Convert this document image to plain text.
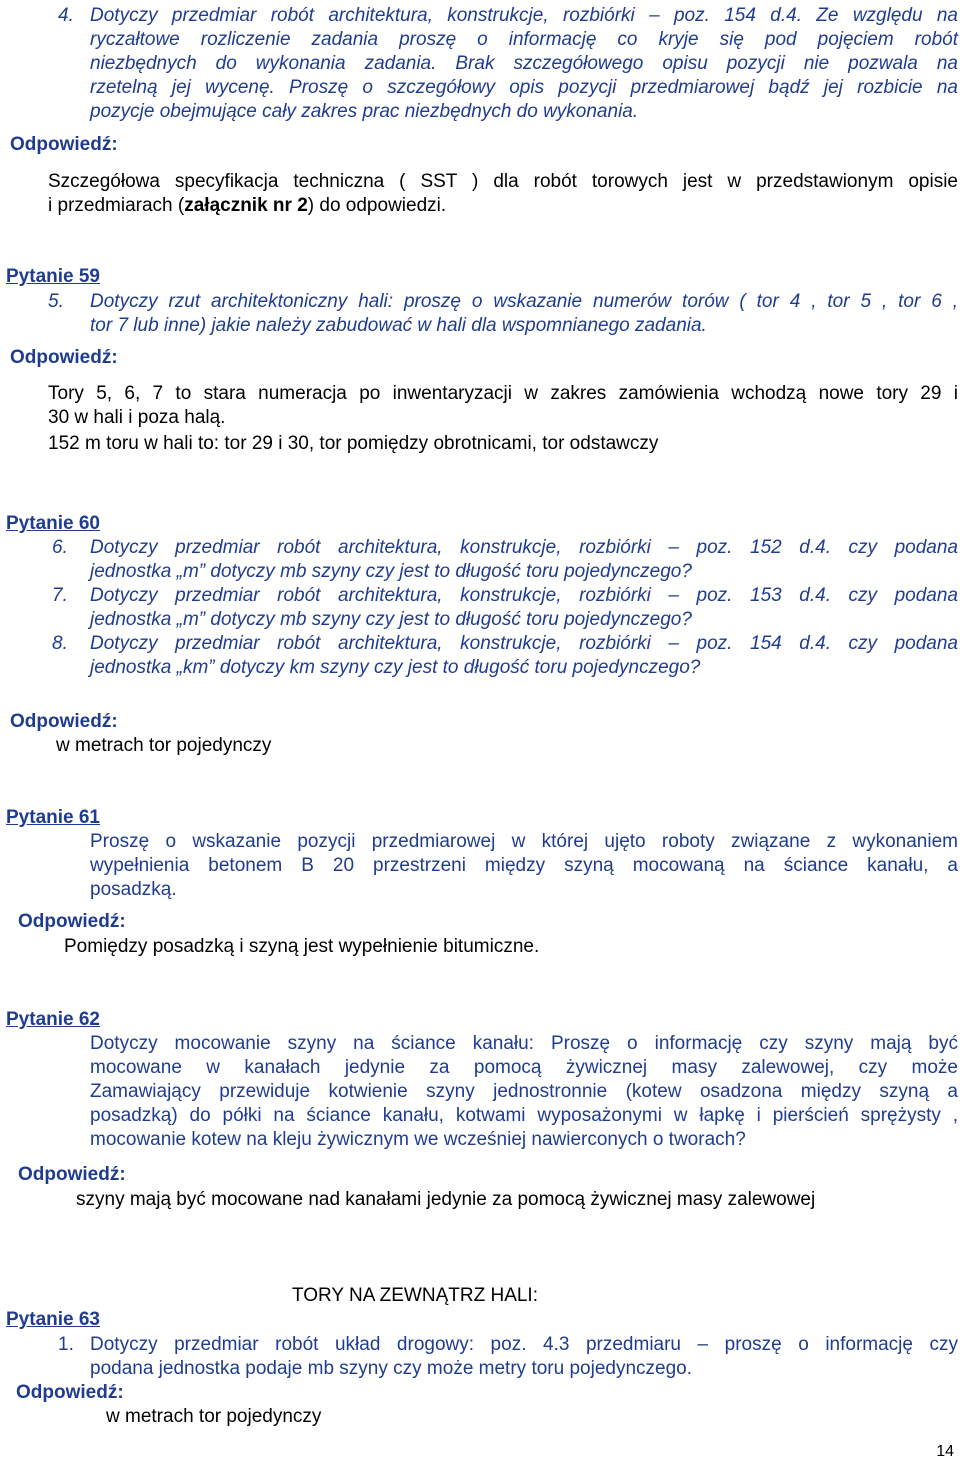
4. Dotyczy przedmiar robót architektura, konstrukcje, rozbiórki – poz. 154 d.4. Ze względu na
ryczałtowe rozliczenie zadania proszę o informację co kryje się pod pojęciem robót
niezbędnych do wykonania zadania. Brak szczegółowego opisu pozycji nie pozwala na
rzetelną jej wycenę. Proszę o szczegółowy opis pozycji przedmiarowej bądź jej rozbicie na
pozycje obejmujące cały zakres prac niezbędnych do wykonania.
Odpowiedź:
Szczegółowa specyfikacja techniczna ( SST ) dla robót torowych jest w przedstawionym opisie
i przedmiarach (załącznik nr 2) do odpowiedzi.
Pytanie 59
5. Dotyczy rzut architektoniczny hali: proszę o wskazanie numerów torów ( tor 4 , tor 5 , tor 6 ,
tor 7 lub inne) jakie należy zabudować w hali dla wspomnianego zadania.
Odpowiedź:
Tory 5, 6, 7 to stara numeracja po inwentaryzacji w zakres zamówienia wchodzą nowe tory 29 i
30 w hali i poza halą.
152 m toru w hali to: tor 29 i 30, tor pomiędzy obrotnicami, tor odstawczy
Pytanie 60
6. Dotyczy przedmiar robót architektura, konstrukcje, rozbiórki – poz. 152 d.4. czy podana
jednostka „m” dotyczy mb szyny czy jest to długość toru pojedynczego?
7. Dotyczy przedmiar robót architektura, konstrukcje, rozbiórki – poz. 153 d.4. czy podana
jednostka „m” dotyczy mb szyny czy jest to długość toru pojedynczego?
8. Dotyczy przedmiar robót architektura, konstrukcje, rozbiórki – poz. 154 d.4. czy podana
jednostka „km” dotyczy km szyny czy jest to długość toru pojedynczego?
Odpowiedź:
w metrach tor pojedynczy
Pytanie 61
Proszę o wskazanie pozycji przedmiarowej w której ujęto roboty związane z wykonaniem
wypełnienia betonem B 20 przestrzeni między szyną mocowaną na ściance kanału, a
posadzką.
Odpowiedź:
Pomiędzy posadzką i szyną jest wypełnienie bitumiczne.
Pytanie 62
Dotyczy mocowanie szyny na ściance kanału: Proszę o informację czy szyny mają być
mocowane w kanałach jedynie za pomocą żywicznej masy zalewowej, czy może
Zamawiający przewiduje kotwienie szyny jednostronnie (kotew osadzona między szyną a
posadzką) do półki na ściance kanału, kotwami wyposażonymi w łapkę i pierścień sprężysty ,
mocowanie kotew na kleju żywicznym we wcześniej nawierconych o tworach?
Odpowiedź:
szyny mają być mocowane nad kanałami jedynie za pomocą żywicznej masy zalewowej
TORY NA ZEWNĄTRZ HALI:
Pytanie 63
1. Dotyczy przedmiar robót układ drogowy: poz. 4.3 przedmiaru – proszę o informację czy
podana jednostka podaje mb szyny czy może metry toru pojedynczego.
Odpowiedź:
w metrach tor pojedynczy
14
